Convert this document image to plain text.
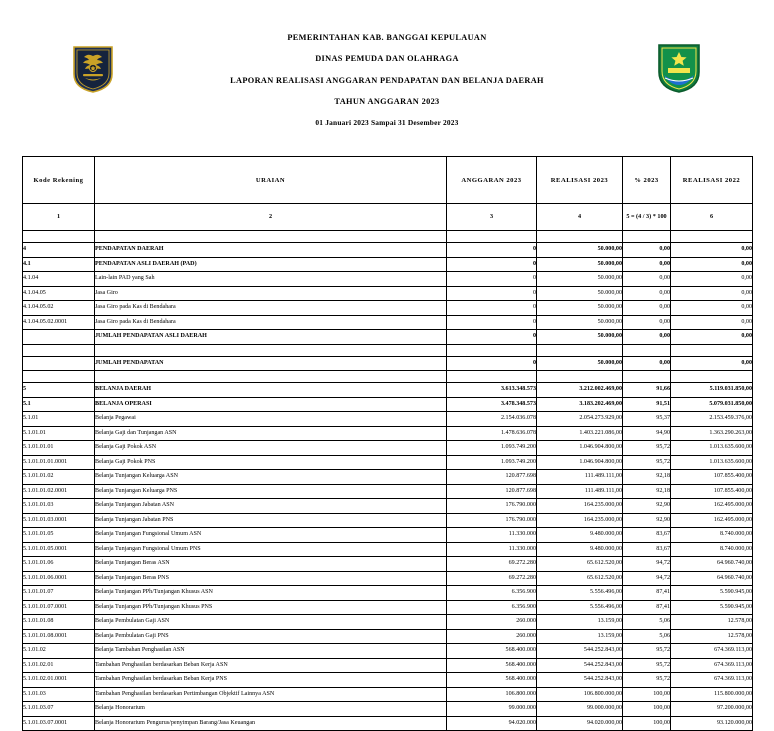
PEMERINTAHAN KAB. BANGGAI KEPULAUAN
DINAS PEMUDA DAN OLAHRAGA
LAPORAN REALISASI ANGGARAN PENDAPATAN DAN BELANJA DAERAH
TAHUN ANGGARAN 2023
01 Januari 2023 Sampai 31 Desember 2023
Kode Rekening	URAIAN	ANGGARAN 2023	REALISASI 2023	% 2023	REALISASI 2022
1	2	3	4	5 = (4 / 3) * 100	6

4	PENDAPATAN DAERAH	0	50.000,00	0,00	0,00
4.1	PENDAPATAN ASLI DAERAH (PAD)	0	50.000,00	0,00	0,00
4.1.04	Lain-lain PAD yang Sah	0	50.000,00	0,00	0,00
4.1.04.05	Jasa Giro	0	50.000,00	0,00	0,00
4.1.04.05.02	Jasa Giro pada Kas di Bendahara	0	50.000,00	0,00	0,00
4.1.04.05.02.0001	Jasa Giro pada Kas di Bendahara	0	50.000,00	0,00	0,00
	JUMLAH PENDAPATAN ASLI DAERAH	0	50.000,00	0,00	0,00

	JUMLAH PENDAPATAN	0	50.000,00	0,00	0,00

5	BELANJA DAERAH	3.613.348.573	3.212.002.469,00	91,66	5.119.031.850,00
5.1	BELANJA OPERASI	3.478.348.573	3.183.202.469,00	91,51	5.079.031.850,00
5.1.01	Belanja Pegawai	2.154.036.078	2.054.273.929,00	95,37	2.153.459.376,00
5.1.01.01	Belanja Gaji dan Tunjangan ASN	1.478.636.078	1.403.221.086,00	94,90	1.363.290.263,00
5.1.01.01.01	Belanja Gaji Pokok ASN	1.093.749.200	1.046.904.800,00	95,72	1.013.635.600,00
5.1.01.01.01.0001	Belanja Gaji Pokok PNS	1.093.749.200	1.046.904.800,00	95,72	1.013.635.600,00
5.1.01.01.02	Belanja Tunjangan Keluarga ASN	120.877.698	111.489.111,00	92,18	107.855.400,00
5.1.01.01.02.0001	Belanja Tunjangan Keluarga PNS	120.877.698	111.489.111,00	92,18	107.855.400,00
5.1.01.01.03	Belanja Tunjangan Jabatan ASN	176.790.000	164.235.000,00	92,90	162.495.000,00
5.1.01.01.03.0001	Belanja Tunjangan Jabatan PNS	176.790.000	164.235.000,00	92,90	162.495.000,00
5.1.01.01.05	Belanja Tunjangan Fungsional Umum ASN	11.330.000	9.480.000,00	83,67	8.740.000,00
5.1.01.01.05.0001	Belanja Tunjangan Fungsional Umum PNS	11.330.000	9.480.000,00	83,67	8.740.000,00
5.1.01.01.06	Belanja Tunjangan Beras ASN	69.272.280	65.612.520,00	94,72	64.960.740,00
5.1.01.01.06.0001	Belanja Tunjangan Beras PNS	69.272.280	65.612.520,00	94,72	64.960.740,00
5.1.01.01.07	Belanja Tunjangan PPh/Tunjangan Khusus ASN	6.356.900	5.556.496,00	87,41	5.590.945,00
5.1.01.01.07.0001	Belanja Tunjangan PPh/Tunjangan Khusus PNS	6.356.900	5.556.496,00	87,41	5.590.945,00
5.1.01.01.08	Belanja Pembulatan Gaji ASN	260.000	13.159,00	5,06	12.578,00
5.1.01.01.08.0001	Belanja Pembulatan Gaji PNS	260.000	13.159,00	5,06	12.578,00
5.1.01.02	Belanja Tambahan Penghasilan ASN	568.400.000	544.252.843,00	95,72	674.369.113,00
5.1.01.02.01	Tambahan Penghasilan berdasarkan Beban Kerja ASN	568.400.000	544.252.843,00	95,72	674.369.113,00
5.1.01.02.01.0001	Tambahan Penghasilan berdasarkan Beban Kerja PNS	568.400.000	544.252.843,00	95,72	674.369.113,00
5.1.01.03	Tambahan Penghasilan berdasarkan Pertimbangan Objektif Lainnya ASN	106.800.000	106.800.000,00	100,00	115.800.000,00
5.1.01.03.07	Belanja Honorarium	99.000.000	99.000.000,00	100,00	97.200.000,00
5.1.01.03.07.0001	Belanja Honorarium Pengurus/penyimpan Barang/Jasa Keuangan	94.020.000	94.020.000,00	100,00	93.120.000,00
